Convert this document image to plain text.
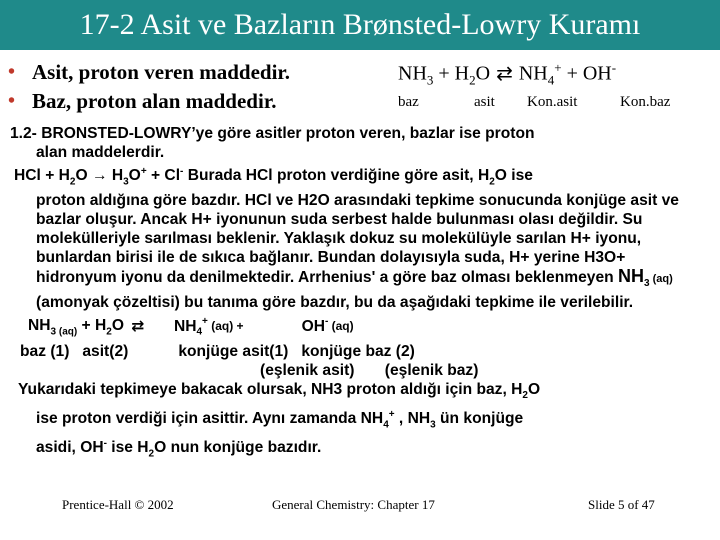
17-2 Asit ve Bazların Brønsted-Lowry Kuramı
• Asit, proton veren maddedir.
• Baz, proton alan maddedir.
$NH_3 + H_2O$ ⇄ $NH_4^+ + OH^-$
baz	asit Kon.asit	Kon.baz

1.2- BRONSTED-LOWRY’ye göre asitler proton veren, bazlar ise proton

alan maddelerdir.

HCl + $H_2O \to H_3O^+ + Cl^-$ Burada HCl proton verdiğine göre asit, $H_2O$ ise

proton aldığına göre bazdır. HCl ve H2O arasındaki tepkime sonucunda konjüge asit ve bazlar oluşur. Ancak H+ iyonunun suda serbest halde bulunması olası değildir. Su molekülleriyle sarılması beklenir. Yaklaşık dokuz su molekülüyle sarılan H+ iyonu, bunlardan birisi ile de sıkıca bağlanır. Bundan dolayısıyla suda, H+ yerine H3O+ hidronyum iyonu da denilmektedir. Arrhenius' a göre baz olması beklenmeyen $NH_3$ (aq) (amonyak çözeltisi) bu tanıma göre bazdır, bu da aşağıdaki tepkime ile verilebilir.

$NH_{3 (aq)} + H_2O$ ⇄ $NH_4^+$ (aq) +	OH- (aq)

baz (1)   asit(2)	konjüge asit(1)   konjüge baz (2)

(eşlenik asit)       (eşlenik baz)

Yukarıdaki tepkimeye bakacak olursak, NH3 proton aldığı için baz, $H_2O$

ise proton verdiği için asittir. Aynı zamanda $NH_4^+$ , $NH_3$ ün konjüge

asidi, OH- ise $H_2O$ nun konjüge bazıdır.

Prentice-Hall © 2002	General Chemistry: Chapter 17	Slide 5 of 47
